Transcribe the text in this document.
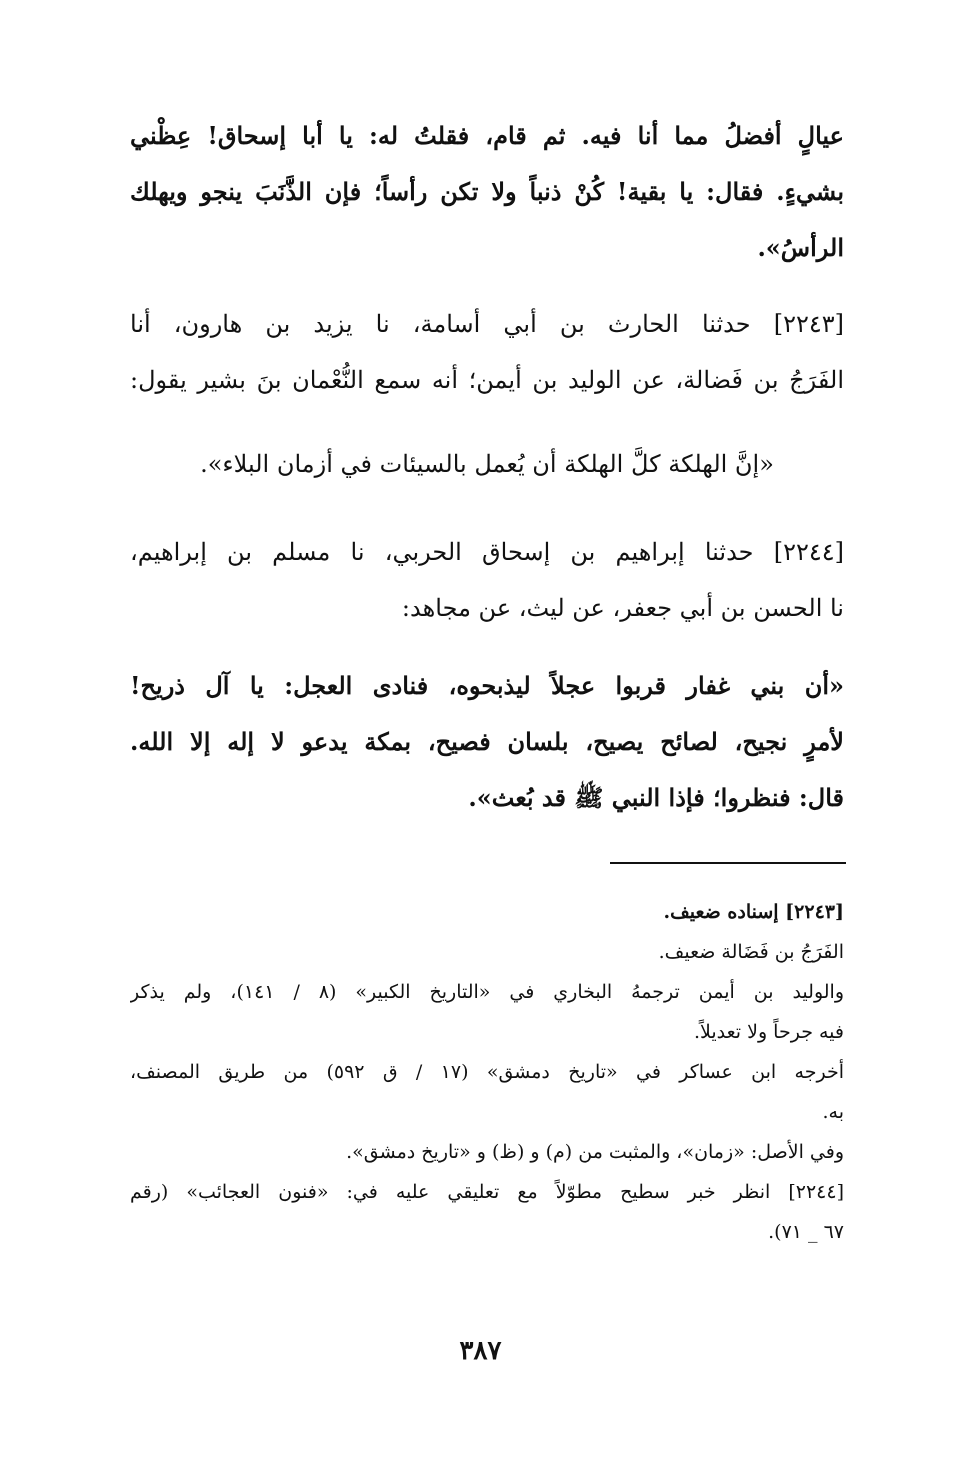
عيالٍ أفضلُ مما أنا فيه. ثم قام، فقلتُ له: يا أبا إسحاق! عِظْني
بشيءٍ. فقال: يا بقية! كُنْ ذنباً ولا تكن رأساً؛ فإن الذَّنَبَ ينجو ويهلك
الرأسُ».
[٢٢٤٣] حدثنا الحارث بن أبي أسامة، نا يزيد بن هارون، أنا
الفَرَجُ بن فَضالة، عن الوليد بن أيمن؛ أنه سمع النُّعْمان بنَ بشير يقول:
«إنَّ الهلكة كلَّ الهلكة أن يُعمل بالسيئات في أزمان البلاء».
[٢٢٤٤] حدثنا إبراهيم بن إسحاق الحربي، نا مسلم بن إبراهيم،
نا الحسن بن أبي جعفر، عن ليث، عن مجاهد:
«أن بني غفار قربوا عجلاً ليذبحوه، فنادى العجل: يا آل ذريح!
لأمرٍ نجيح، لصائح يصيح، بلسان فصيح، بمكة يدعو لا إله إلا الله.
قال: فنظروا؛ فإذا النبي ﷺ قد بُعث».
[٢٢٤٣] إسناده ضعيف.
الفَرَجُ بن فَضَالة ضعيف.
والوليد بن أيمن ترجمهُ البخاري في «التاريخ الكبير» (٨ / ١٤١)، ولم يذكر
فيه جرحاً ولا تعديلاً.
أخرجه ابن عساكر في «تاريخ دمشق» (١٧ / ق ٥٩٢) من طريق المصنف،
به.
وفي الأصل: «زمان»، والمثبت من (م) و (ظ) و «تاريخ دمشق».
[٢٢٤٤] انظر خبر سطيح مطوّلاً مع تعليقي عليه في: «فنون العجائب» (رقم
٦٧ _ ٧١).
٣٨٧
